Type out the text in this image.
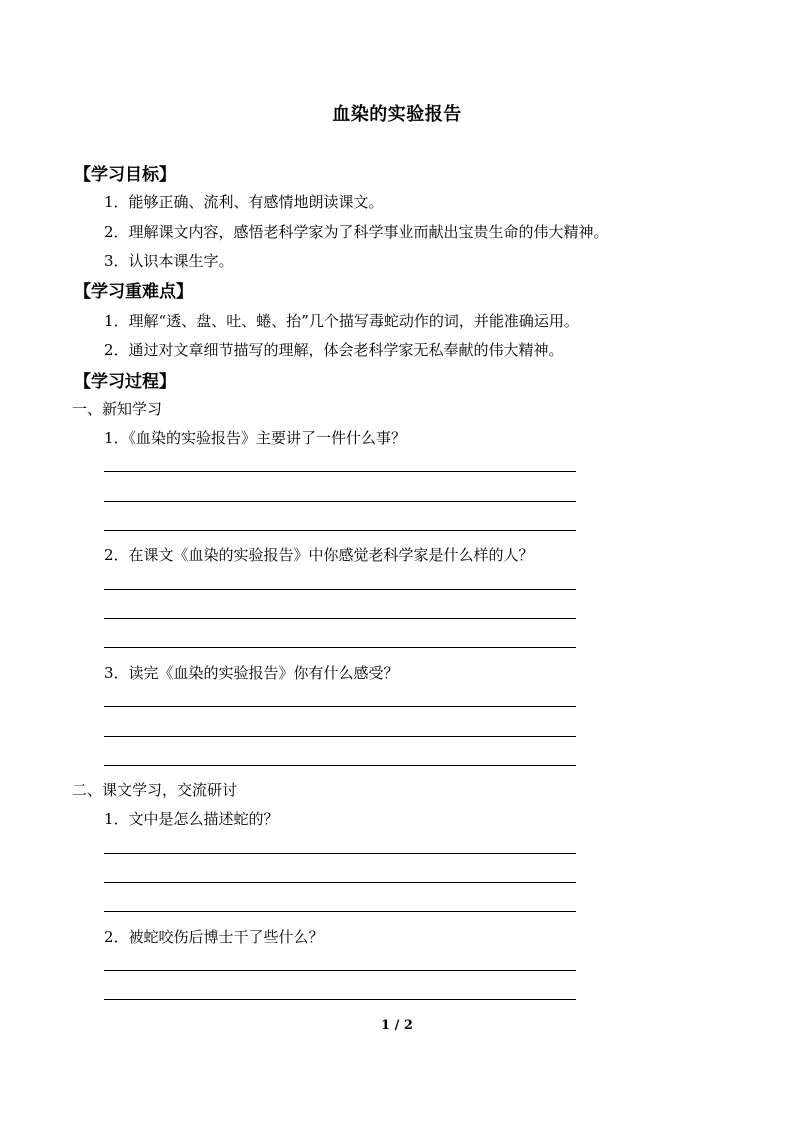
血染的实验报告
【学习目标】
1．能够正确、流利、有感情地朗读课文。
2．理解课文内容，感悟老科学家为了科学事业而献出宝贵生命的伟大精神。
3．认识本课生字。
【学习重难点】
1．理解“透、盘、吐、蜷、抬”几个描写毒蛇动作的词，并能准确运用。
2．通过对文章细节描写的理解，体会老科学家无私奉献的伟大精神。
【学习过程】
一、新知学习
1．《血染的实验报告》主要讲了一件什么事？
2．在课文《血染的实验报告》中你感觉老科学家是什么样的人？
3．读完《血染的实验报告》你有什么感受？
二、课文学习，交流研讨
1．文中是怎么描述蛇的？
2．被蛇咬伤后博士干了些什么？
1 / 2
